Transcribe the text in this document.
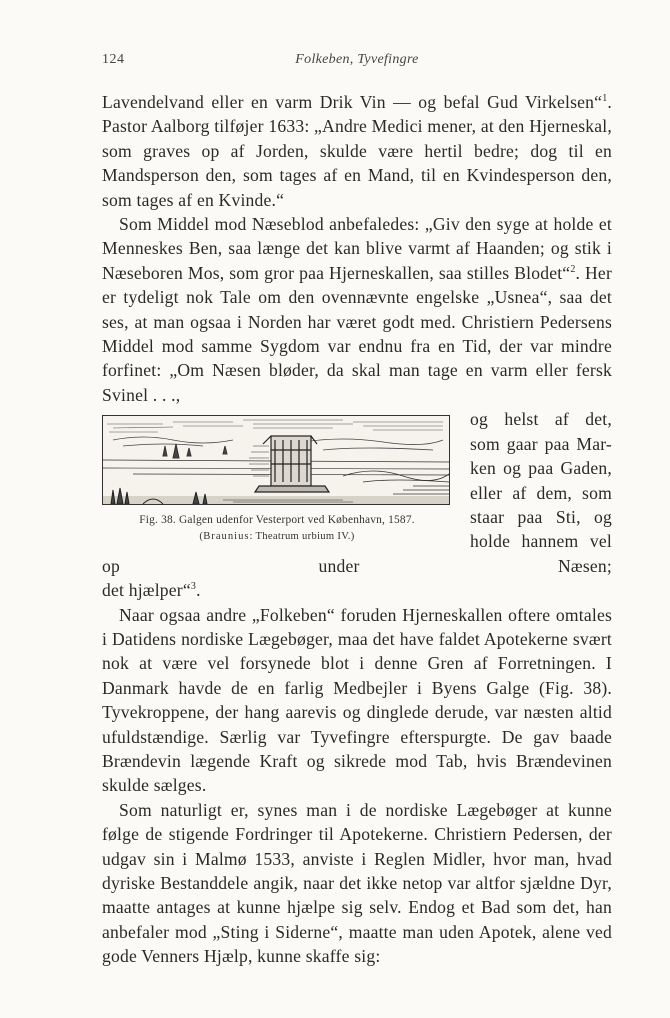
124	Folkeben, Tyvefingre

Lavendelvand eller en varm Drik Vin — og befal Gud Virkelsen“$^1$. Pastor Aalborg tilføjer 1633: „Andre Medici mener, at den Hjerneskal, som graves op af Jorden, skulde være hertil bedre; dog til en Mandsperson den, som tages af en Mand, til en Kvindesperson den, som tages af en Kvinde.“

Som Middel mod Næseblod anbefaledes: „Giv den syge at holde et Menneskes Ben, saa længe det kan blive varmt af Haanden; og stik i Næseboren Mos, som gror paa Hjerneskallen, saa stilles Blodet“$^2$. Her er tydeligt nok Tale om den ovennævnte engelske „Usnea“, saa det ses, at man ogsaa i Norden har været godt med. Christiern Pedersens Middel mod samme Sygdom var endnu fra en Tid, der var mindre forfinet: „Om Næsen bløder, da skal man tage en varm eller fersk Svinel . . .,

Fig. 38. Galgen udenfor Vesterport ved København, 1587.
(Braunius: Theatrum urbium IV.)
og helst af det,
som gaar paa Mar-
ken og paa Gaden,
eller af dem, som
staar paa Sti, og
holde hannem vel
op under Næsen;
det hjælper“$^3$.

Naar ogsaa andre „Folkeben“ foruden Hjerneskallen oftere omtales i Datidens nordiske Lægebøger, maa det have faldet Apotekerne svært nok at være vel forsynede blot i denne Gren af Forretningen. I Danmark havde de en farlig Medbejler i Byens Galge (Fig. 38). Tyvekroppene, der hang aarevis og dinglede derude, var næsten altid ufuldstændige. Særlig var Tyvefingre efterspurgte. De gav baade Brændevin lægende Kraft og sikrede mod Tab, hvis Brændevinen skulde sælges.

Som naturligt er, synes man i de nordiske Lægebøger at kunne følge de stigende Fordringer til Apotekerne. Christiern Pedersen, der udgav sin i Malmø 1533, anviste i Reglen Midler, hvor man, hvad dyriske Bestanddele angik, naar det ikke netop var altfor sjældne Dyr, maatte antages at kunne hjælpe sig selv. Endog et Bad som det, han anbefaler mod „Sting i Siderne“, maatte man uden Apotek, alene ved gode Venners Hjælp, kunne skaffe sig:
